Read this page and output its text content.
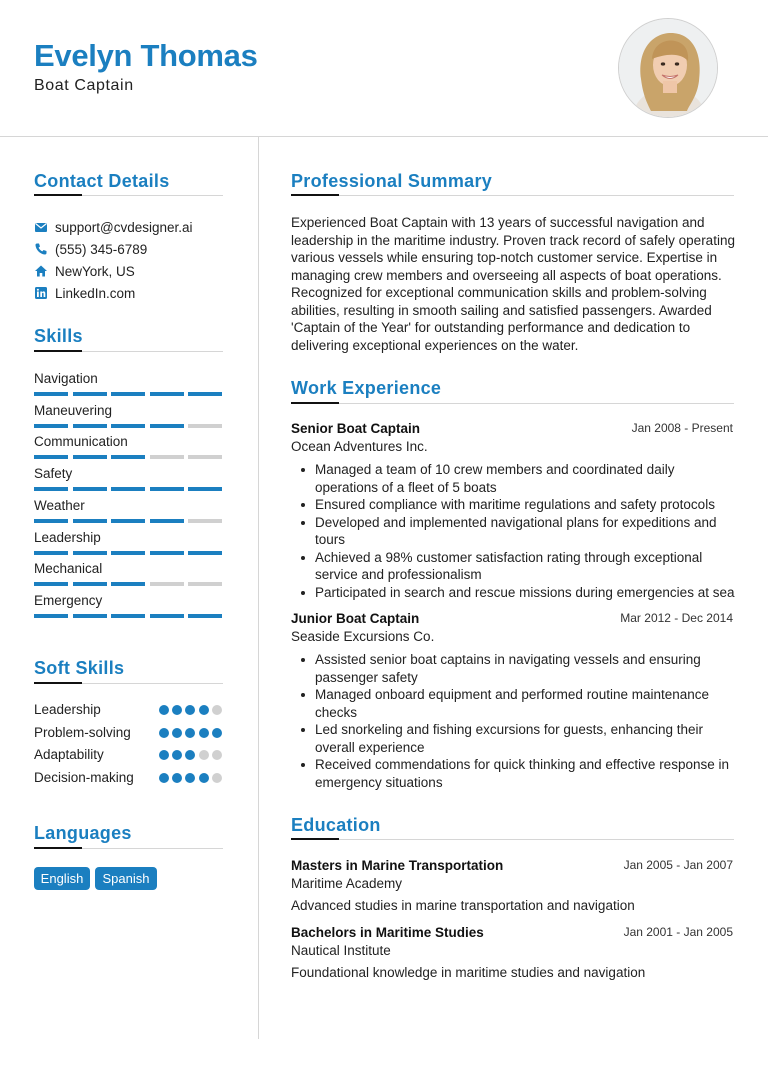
Evelyn Thomas
Boat Captain
Contact Details
support@cvdesigner.ai
(555) 345-6789
NewYork, US
LinkedIn.com
Skills
Navigation
Maneuvering
Communication
Safety
Weather
Leadership
Mechanical
Emergency
Soft Skills
Leadership
Problem-solving
Adaptability
Decision-making
Languages
English	Spanish
Professional Summary
Experienced Boat Captain with 13 years of successful navigation and leadership in the maritime industry. Proven track record of safely operating various vessels while ensuring top-notch customer service. Expertise in managing crew members and overseeing all aspects of boat operations. Recognized for exceptional communication skills and problem-solving abilities, resulting in smooth sailing and satisfied passengers. Awarded 'Captain of the Year' for outstanding performance and dedication to delivering exceptional experiences on the water.
Work Experience
Senior Boat Captain	Jan 2008 - Present
Ocean Adventures Inc.
Managed a team of 10 crew members and coordinated daily operations of a fleet of 5 boats
Ensured compliance with maritime regulations and safety protocols
Developed and implemented navigational plans for expeditions and tours
Achieved a 98% customer satisfaction rating through exceptional service and professionalism
Participated in search and rescue missions during emergencies at sea
Junior Boat Captain	Mar 2012 - Dec 2014
Seaside Excursions Co.
Assisted senior boat captains in navigating vessels and ensuring passenger safety
Managed onboard equipment and performed routine maintenance checks
Led snorkeling and fishing excursions for guests, enhancing their overall experience
Received commendations for quick thinking and effective response in emergency situations
Education
Masters in Marine Transportation	Jan 2005 - Jan 2007
Maritime Academy
Advanced studies in marine transportation and navigation
Bachelors in Maritime Studies	Jan 2001 - Jan 2005
Nautical Institute
Foundational knowledge in maritime studies and navigation
